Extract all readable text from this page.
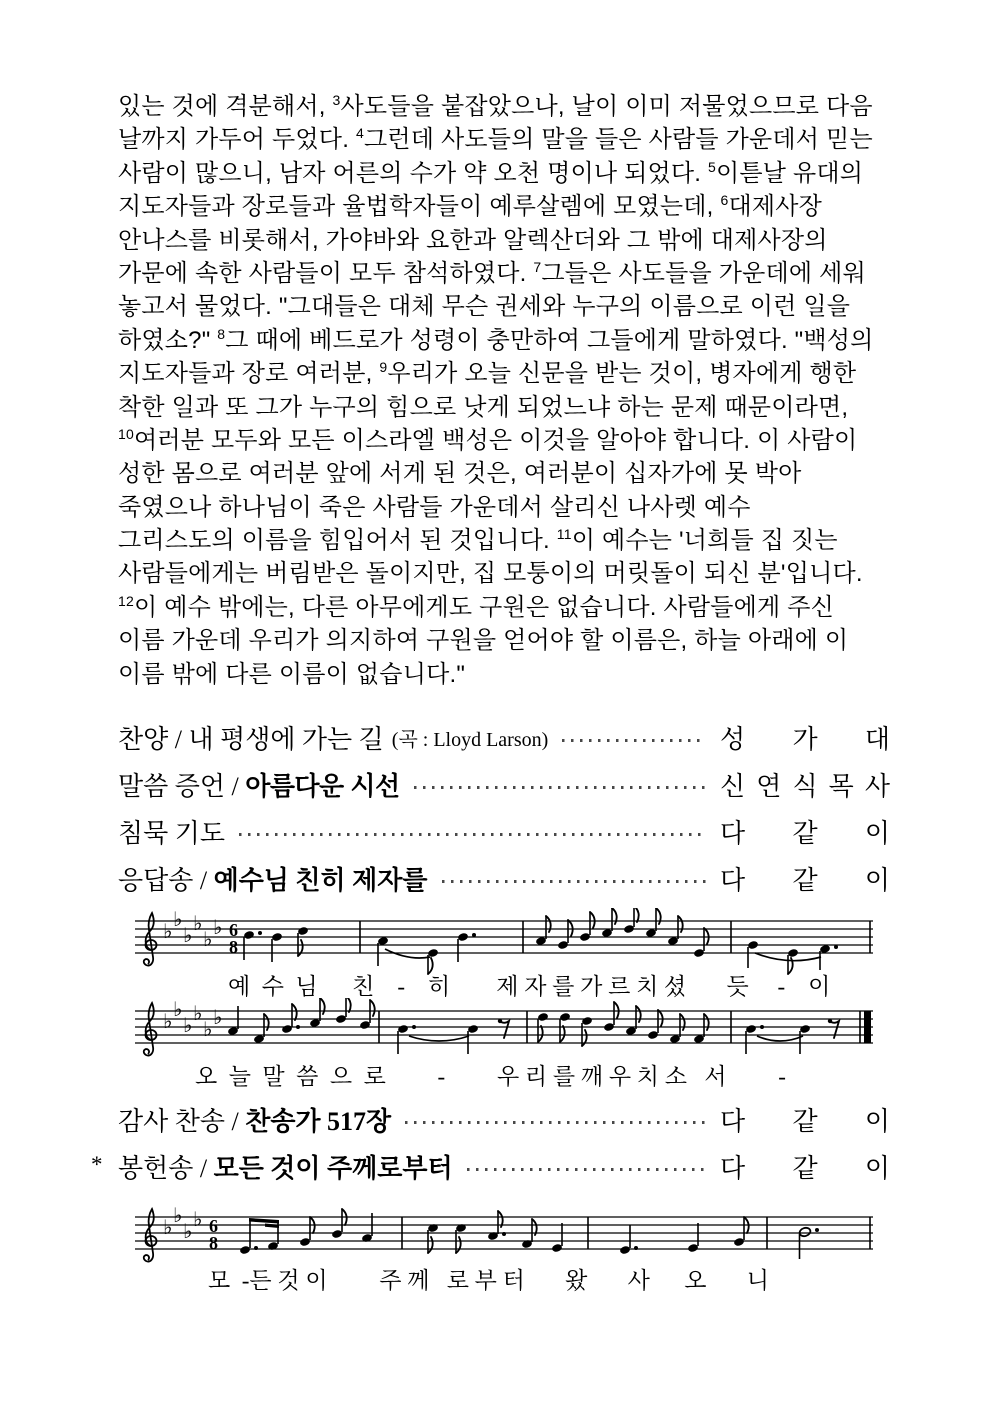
있는 것에 격분해서, $^3$사도들을 붙잡았으나, 날이 이미 저물었으므로 다음
날까지 가두어 두었다. $^4$그런데 사도들의 말을 들은 사람들 가운데서 믿는
사람이 많으니, 남자 어른의 수가 약 오천 명이나 되었다. $^5$이튿날 유대의
지도자들과 장로들과 율법학자들이 예루살렘에 모였는데, $^6$대제사장
안나스를 비롯해서, 가야바와 요한과 알렉산더와 그 밖에 대제사장의
가문에 속한 사람들이 모두 참석하였다. $^7$그들은 사도들을 가운데에 세워
놓고서 물었다. "그대들은 대체 무슨 권세와 누구의 이름으로 이런 일을
하였소?" $^8$그 때에 베드로가 성령이 충만하여 그들에게 말하였다. "백성의
지도자들과 장로 여러분, $^9$우리가 오늘 신문을 받는 것이, 병자에게 행한
착한 일과 또 그가 누구의 힘으로 낫게 되었느냐 하는 문제 때문이라면,
$^{10}$여러분 모두와 모든 이스라엘 백성은 이것을 알아야 합니다. 이 사람이
성한 몸으로 여러분 앞에 서게 된 것은, 여러분이 십자가에 못 박아
죽였으나 하나님이 죽은 사람들 가운데서 살리신 나사렛 예수
그리스도의 이름을 힘입어서 된 것입니다. $^{11}$이 예수는 '너희들 집 짓는
사람들에게는 버림받은 돌이지만, 집 모퉁이의 머릿돌이 되신 분'입니다.
$^{12}$이 예수 밖에는, 다른 아무에게도 구원은 없습니다. 사람들에게 주신
이름 가운데 우리가 의지하여 구원을 얻어야 할 이름은, 하늘 아래에 이
이름 밖에 다른 이름이 없습니다."
찬양 / 내 평생에 가는 길 (곡 : Lloyd Larson)	성 가 대
말씀 증언 / 아름다운 시선	신 연 식 목 사
침묵 기도	다 같 이
응답송 / 예수님 친히 제자를	다 같 이
♭ ♭
♭ ♭
♭ ♭ 6
8
예  수  님      친    -    히        제 자 를 가 르 치 셨       듯     -    이
♭ ♭
♭ ♭
♭ ♭
오  늘  말  씀  으  로         -         우 리 를 깨 우 치 소   서         -
감사 찬송 / 찬송가 517장	다 같 이
* 봉헌송 / 모든 것이 주께로부터	다 같 이
♭ ♭
♭ ♭ 6
8
모  -든 것 이         주 께   로 부 터       왔       사      오       니
